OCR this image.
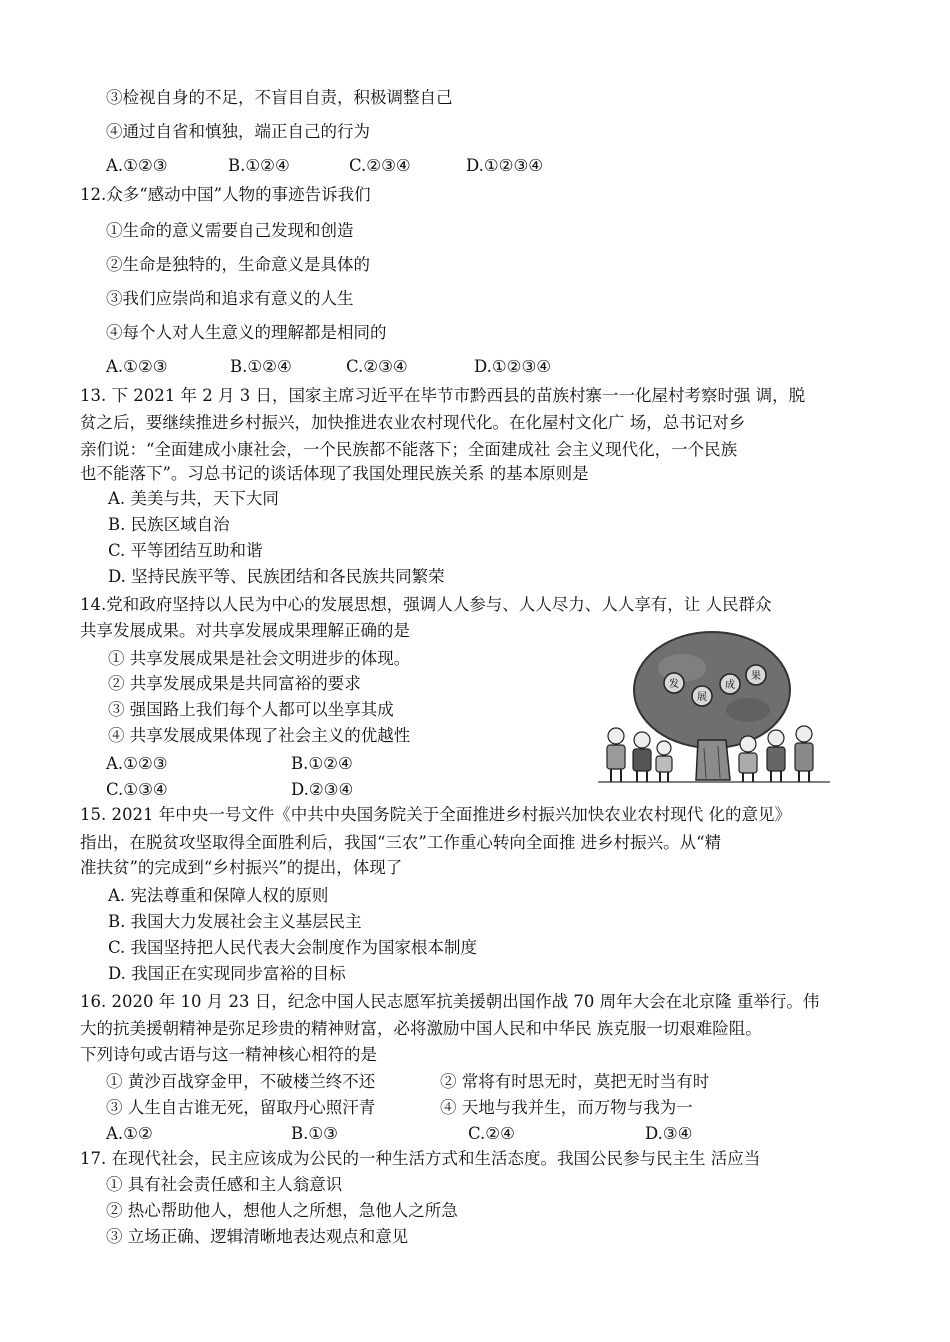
③检视自身的不足，不盲目自责，积极调整自己
④通过自省和慎独，端正自己的行为
A.①②③	B.①②④	C.②③④	D.①②③④
12.众多“感动中国”人物的事迹告诉我们
①生命的意义需要自己发现和创造
②生命是独特的，生命意义是具体的
③我们应崇尚和追求有意义的人生
④每个人对人生意义的理解都是相同的
A.①②③	B.①②④	C.②③④	D.①②③④
13. 下 2021 年 2 月 3 日，国家主席习近平在毕节市黔西县的苗族村寨一一化屋村考察时强 调，脱
贫之后，要继续推进乡村振兴，加快推进农业农村现代化。在化屋村文化广 场，总书记对乡
亲们说：“全面建成小康社会，一个民族都不能落下；全面建成社 会主义现代化，一个民族
也不能落下”。习总书记的谈话体现了我国处理民族关系 的基本原则是
A. 美美与共，天下大同
B. 民族区域自治
C. 平等团结互助和谐
D. 坚持民族平等、民族团结和各民族共同繁荣
14.党和政府坚持以人民为中心的发展思想，强调人人参与、人人尽力、人人享有，让 人民群众
共享发展成果。对共享发展成果理解正确的是
① 共享发展成果是社会文明进步的体现。
② 共享发展成果是共同富裕的要求
③ 强国路上我们每个人都可以坐享其成
④ 共享发展成果体现了社会主义的优越性
A.①②③	B.①②④
C.①③④	D.②③④
发
展
成
果
15. 2021 年中央一号文件《中共中央国务院关于全面推进乡村振兴加快农业农村现代 化的意见》
指出，在脱贫攻坚取得全面胜利后，我国“三农”工作重心转向全面推 进乡村振兴。从“精
准扶贫”的完成到“乡村振兴”的提出，体现了
A. 宪法尊重和保障人权的原则
B. 我国大力发展社会主义基层民主
C. 我国坚持把人民代表大会制度作为国家根本制度
D. 我国正在实现同步富裕的目标
16. 2020 年 10 月 23 日，纪念中国人民志愿军抗美援朝出国作战 70 周年大会在北京隆 重举行。伟
大的抗美援朝精神是弥足珍贵的精神财富，必将激励中国人民和中华民 族克服一切艰难险阻。
下列诗句或古语与这一精神核心相符的是
① 黄沙百战穿金甲，不破楼兰终不还	② 常将有时思无时，莫把无时当有时
③ 人生自古谁无死，留取丹心照汗青	④ 天地与我并生，而万物与我为一
A.①②	B.①③	C.②④	D.③④
17. 在现代社会，民主应该成为公民的一种生活方式和生活态度。我国公民参与民主生 活应当
① 具有社会责任感和主人翁意识
② 热心帮助他人，想他人之所想，急他人之所急
③ 立场正确、逻辑清晰地表达观点和意见
